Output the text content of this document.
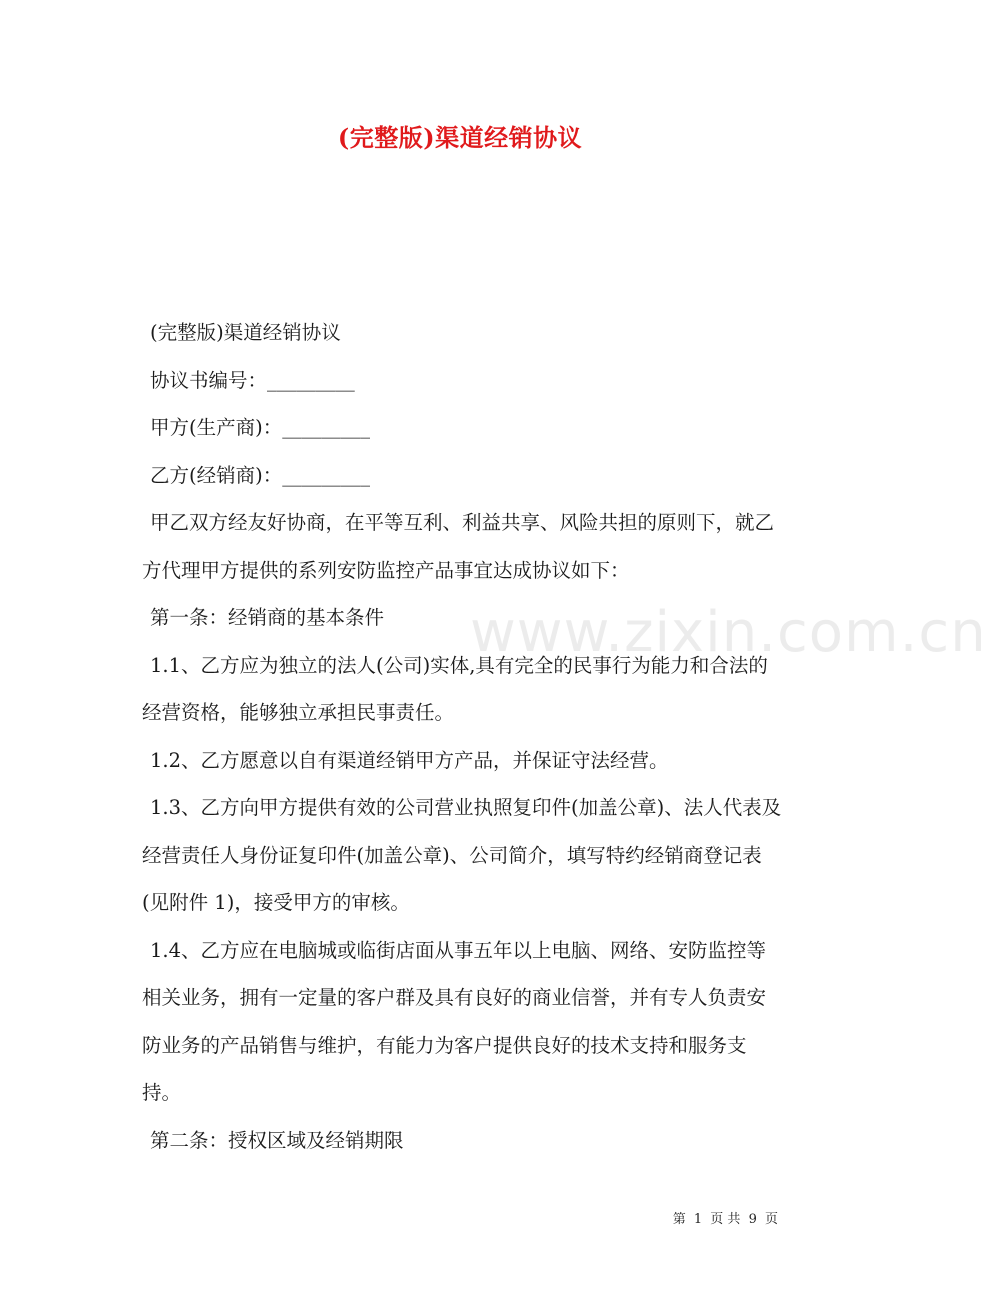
(完整版)渠道经销协议

(完整版)渠道经销协议

协议书编号：_________

甲方(生产商)：_________

乙方(经销商)：_________

甲乙双方经友好协商，在平等互利、利益共享、风险共担的原则下，就乙方代理甲方提供的系列安防监控产品事宜达成协议如下：

第一条：经销商的基本条件

1.1、乙方应为独立的法人(公司)实体,具有完全的民事行为能力和合法的经营资格，能够独立承担民事责任。

1.2、乙方愿意以自有渠道经销甲方产品，并保证守法经营。

1.3、乙方向甲方提供有效的公司营业执照复印件(加盖公章)、法人代表及经营责任人身份证复印件(加盖公章)、公司简介，填写特约经销商登记表(见附件 1)，接受甲方的审核。

1.4、乙方应在电脑城或临街店面从事五年以上电脑、网络、安防监控等相关业务，拥有一定量的客户群及具有良好的商业信誉，并有专人负责安防业务的产品销售与维护，有能力为客户提供良好的技术支持和服务支持。

第二条：授权区域及经销期限

www.zixin.com.cn
第 1 页 共 9 页
